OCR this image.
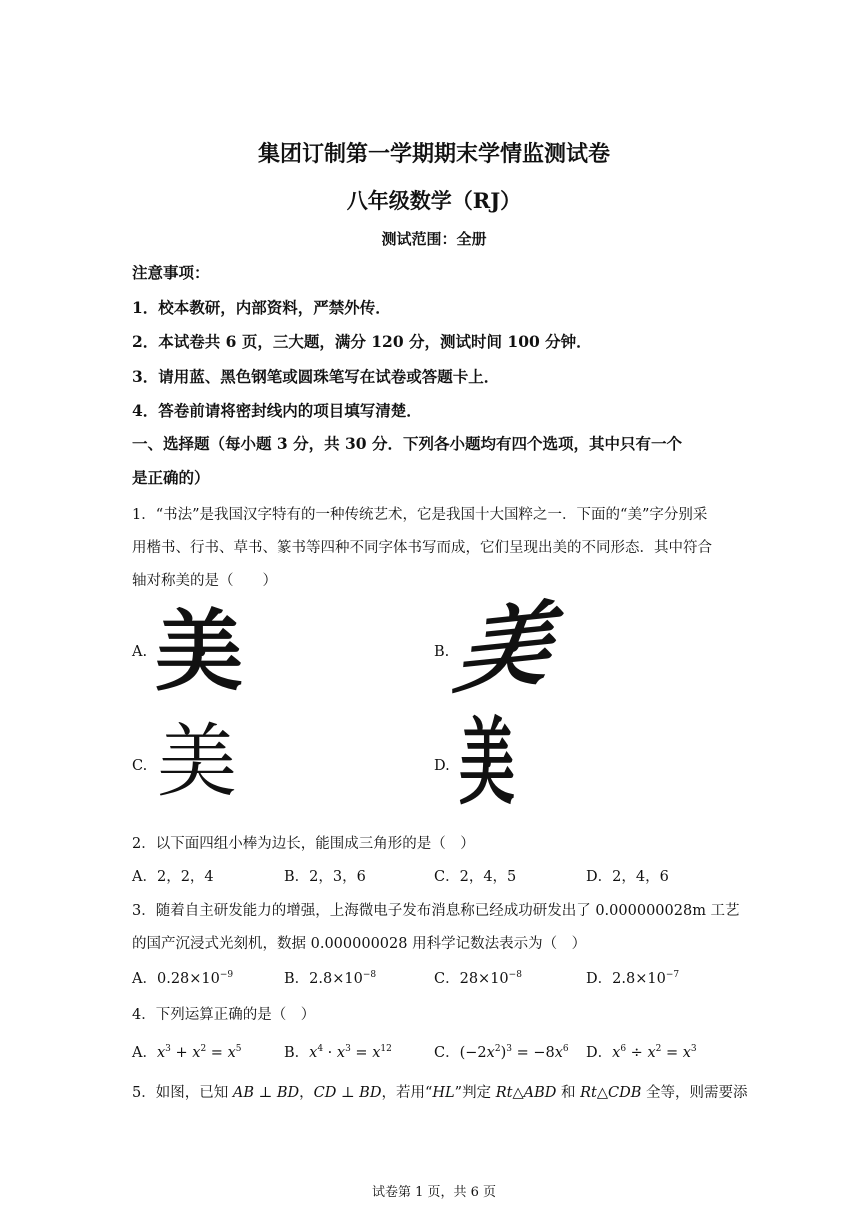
集团订制第一学期期末学情监测试卷
八年级数学（RJ）
测试范围：全册
注意事项：
1．校本教研，内部资料，严禁外传．
2．本试卷共 6 页，三大题，满分 120 分，测试时间 100 分钟．
3．请用蓝、黑色钢笔或圆珠笔写在试卷或答题卡上．
4．答卷前请将密封线内的项目填写清楚．
一、选择题（每小题 3 分，共 30 分．下列各小题均有四个选项，其中只有一个
是正确的）
1．“书法”是我国汉字特有的一种传统艺术，它是我国十大国粹之一．下面的“美”字分别采
用楷书、行书、草书、篆书等四种不同字体书写而成，它们呈现出美的不同形态．其中符合
轴对称美的是（　　）
A. 美	B. 美
C. 美	D. 美
2．以下面四组小棒为边长，能围成三角形的是（　）
A．2，2，4	B．2，3，6	C．2，4，5	D．2，4，6
3．随着自主研发能力的增强，上海微电子发布消息称已经成功研发出了 0.000000028m 工艺
的国产沉浸式光刻机，数据 0.000000028 用科学记数法表示为（　）
A．$0.28\times 10^{-9}$	B．$2.8\times 10^{-8}$	C．$28\times 10^{-8}$	D．$2.8\times 10^{-7}$
4．下列运算正确的是（　）
A．$x^3 + x^2 = x^5$	B．$x^4 \cdot x^3 = x^{12}$	C．$(-2x^2)^3 = -8x^6$ D．$x^6 \div x^2 = x^3$
5．如图，已知 AB ⊥ BD，CD ⊥ BD，若用“HL”判定 Rt△ABD 和 Rt△CDB 全等，则需要添
试卷第 1 页，共 6 页
